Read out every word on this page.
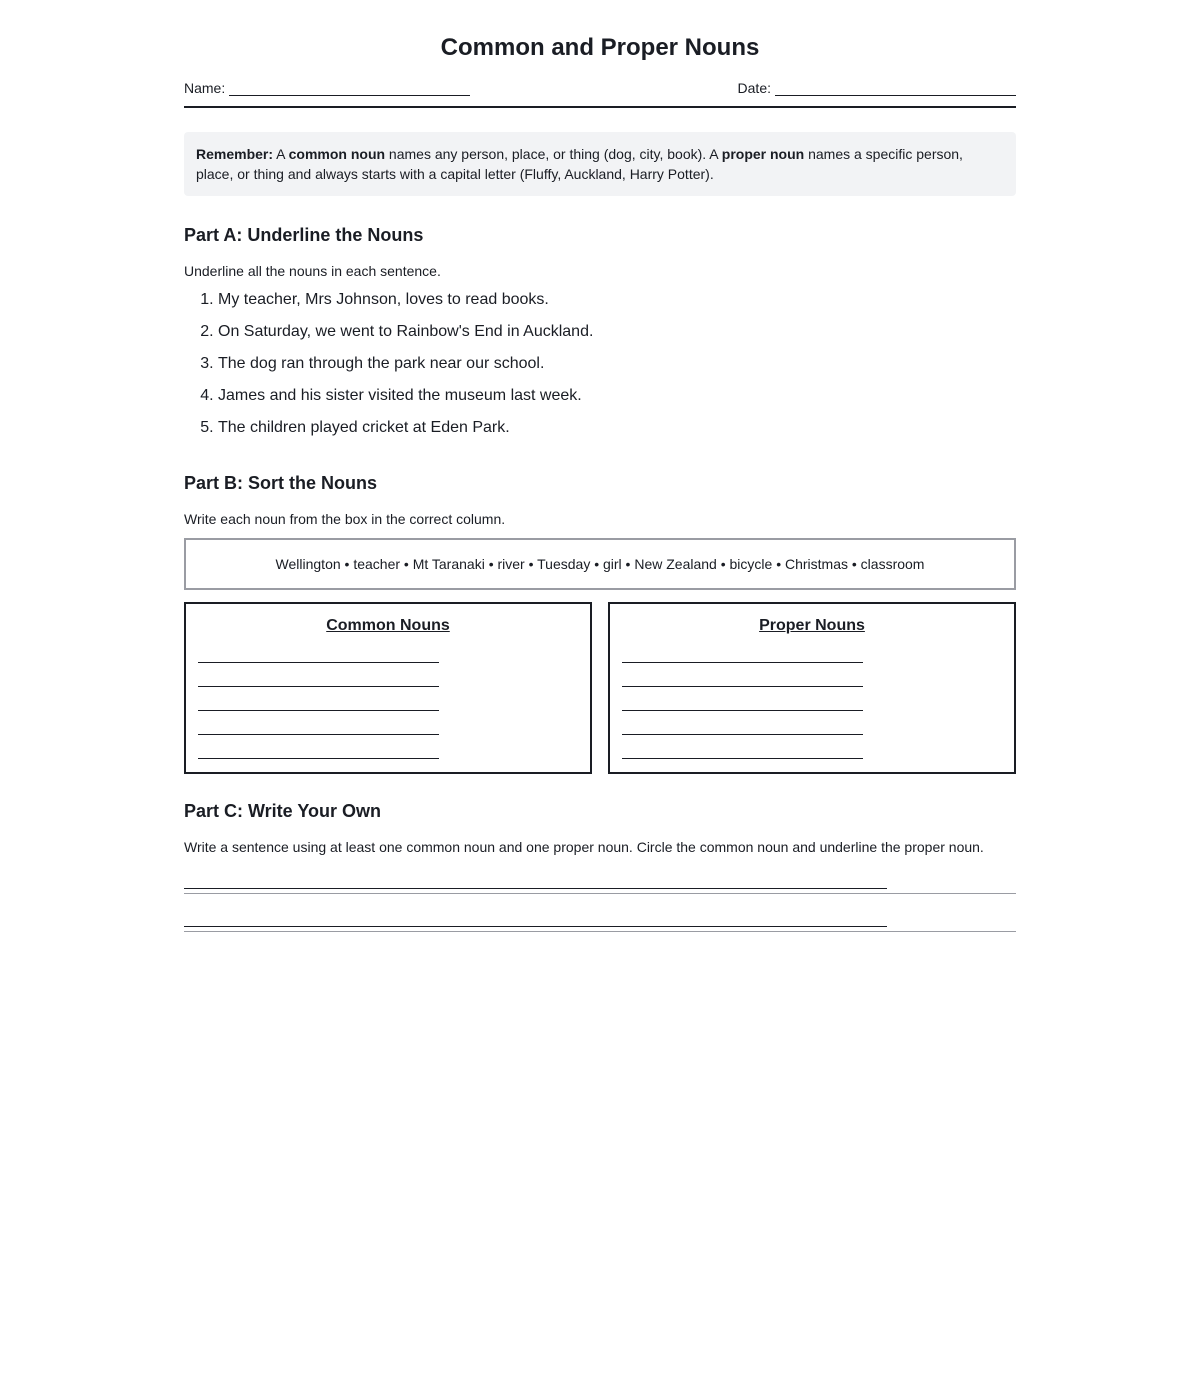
Common and Proper Nouns
Name:	Date:
Remember: A common noun names any person, place, or thing (dog, city, book). A proper noun names a specific person, place, or thing and always starts with a capital letter (Fluffy, Auckland, Harry Potter).
Part A: Underline the Nouns
Underline all the nouns in each sentence.
1. My teacher, Mrs Johnson, loves to read books.
2. On Saturday, we went to Rainbow's End in Auckland.
3. The dog ran through the park near our school.
4. James and his sister visited the museum last week.
5. The children played cricket at Eden Park.
Part B: Sort the Nouns
Write each noun from the box in the correct column.
Wellington • teacher • Mt Taranaki • river • Tuesday • girl • New Zealand • bicycle • Christmas • classroom
Common Nouns	Proper Nouns
Part C: Write Your Own
Write a sentence using at least one common noun and one proper noun. Circle the common noun and underline the proper noun.
